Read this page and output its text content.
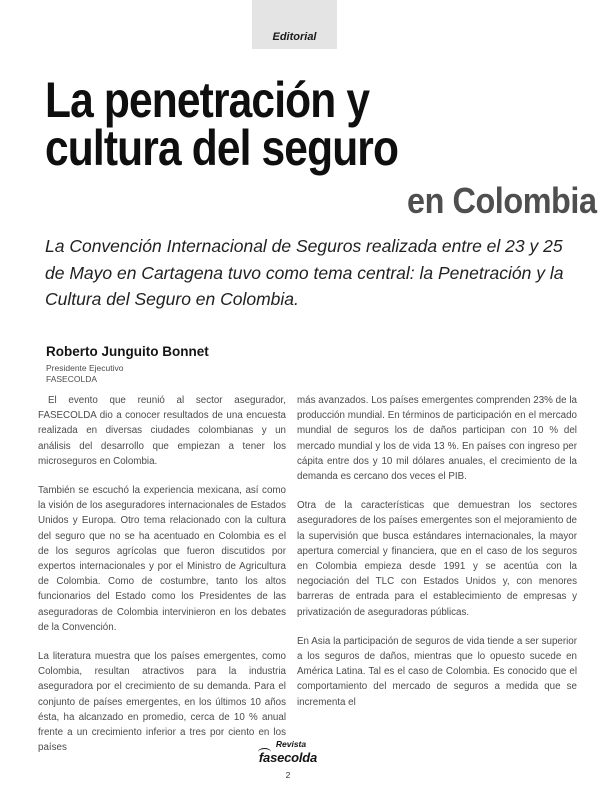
Editorial
La penetración y
cultura del seguro
en Colombia
La Convención Internacional de Seguros realizada entre el 23 y 25 de Mayo en Cartagena tuvo como tema central: la Penetración y la Cultura del Seguro en Colombia.
Roberto Junguito Bonnet
Presidente Ejecutivo
FASECOLDA

El evento que reunió al sector asegurador, FASECOLDA dio a conocer resultados de una encuesta realizada en diversas ciudades colombianas y un análisis del desarrollo que empiezan a tener los microseguros en Colombia.

También se escuchó la experiencia mexicana, así como la visión de los aseguradores internacionales de Estados Unidos y Europa. Otro tema relacionado con la cultura del seguro que no se ha acentuado en Colombia es el de los seguros agrícolas que fueron discutidos por expertos internacionales y por el Ministro de Agricultura de Colombia. Como de costumbre, tanto los altos funcionarios del Estado como los Presidentes de las aseguradoras de Colombia intervinieron en los debates de la Convención.

La literatura muestra que los países emergentes, como Colombia, resultan atractivos para la industria aseguradora por el crecimiento de su demanda. Para el conjunto de países emergentes, en los últimos 10 años ésta, ha alcanzado en promedio, cerca de 10 % anual frente a un crecimiento inferior a tres por ciento en los países

más avanzados. Los países emergentes comprenden 23% de la producción mundial. En términos de participación en el mercado mundial de seguros los de daños participan con 10 % del mercado mundial y los de vida 13 %. En países con ingreso per cápita entre dos y 10 mil dólares anuales, el crecimiento de la demanda es cercano dos veces el PIB.

Otra de la características que demuestran los sectores aseguradores de los países emergentes son el mejoramiento de la supervisión que busca estándares internacionales, la mayor apertura comercial y financiera, que en el caso de los seguros en Colombia empieza desde 1991 y se acentúa con la negociación del TLC con Estados Unidos y, con menores barreras de entrada para el establecimiento de empresas y privatización de aseguradoras públicas.

En Asia la participación de seguros de vida tiende a ser superior a los seguros de daños, mientras que lo opuesto sucede en América Latina. Tal es el caso de Colombia. Es conocido que el comportamiento del mercado de seguros a medida que se incrementa el

Revista
fasecolda
2
